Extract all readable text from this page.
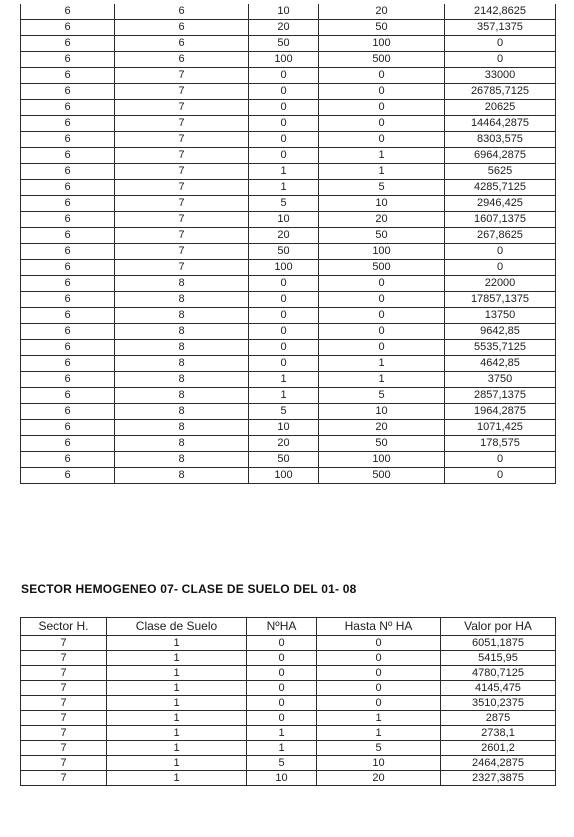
6	6	10	20	2142,8625
6	6	20	50	357,1375
6	6	50	100	0
6	6	100	500	0
6	7	0	0	33000
6	7	0	0	26785,7125
6	7	0	0	20625
6	7	0	0	14464,2875
6	7	0	0	8303,575
6	7	0	1	6964,2875
6	7	1	1	5625
6	7	1	5	4285,7125
6	7	5	10	2946,425
6	7	10	20	1607,1375
6	7	20	50	267,8625
6	7	50	100	0
6	7	100	500	0
6	8	0	0	22000
6	8	0	0	17857,1375
6	8	0	0	13750
6	8	0	0	9642,85
6	8	0	0	5535,7125
6	8	0	1	4642,85
6	8	1	1	3750
6	8	1	5	2857,1375
6	8	5	10	1964,2875
6	8	10	20	1071,425
6	8	20	50	178,575
6	8	50	100	0
6	8	100	500	0
SECTOR HEMOGENEO 07- CLASE DE SUELO DEL 01- 08
Sector H.	Clase de Suelo	NºHA	Hasta Nº HA	Valor por HA
7	1	0	0	6051,1875
7	1	0	0	5415,95
7	1	0	0	4780,7125
7	1	0	0	4145,475
7	1	0	0	3510,2375
7	1	0	1	2875
7	1	1	1	2738,1
7	1	1	5	2601,2
7	1	5	10	2464,2875
7	1	10	20	2327,3875
